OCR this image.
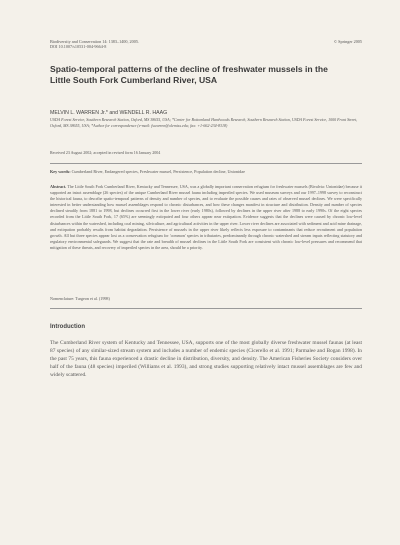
Biodiversity and Conservation 14: 1383–1400, 2005.
DOI 10.1007/s10531-004-9664-8
© Springer 2005
Spatio-temporal patterns of the decline of freshwater mussels in the Little South Fork Cumberland River, USA
MELVIN L. WARREN Jr.* and WENDELL R. HAAG
USDA Forest Service, Southern Research Station, Oxford, MS 38655, USA; *Center for Bottomland Hardwoods Research, Southern Research Station, USDA Forest Service, 1000 Front Street, Oxford, MS 38655, USA; *Author for correspondence (e-mail: fswarren@olemiss.edu; fax: +1-662-234-8318)
Received 23 August 2002; accepted in revised form 16 January 2004
Key words: Cumberland River, Endangered species, Freshwater mussel, Persistence, Population decline, Unionidae
Abstract. The Little South Fork Cumberland River, Kentucky and Tennessee, USA, was a globally important conservation refugium for freshwater mussels (Bivalvia: Unionidae) because it supported an intact assemblage (26 species) of the unique Cumberland River mussel fauna including imperiled species. We used museum surveys and our 1997–1998 survey to reconstruct the historical fauna, to describe spatio-temporal patterns of density and number of species, and to evaluate the possible causes and rates of observed mussel declines. We were specifically interested in better understanding how mussel assemblages respond to chronic disturbances, and how these changes manifest in structure and distribution. Density and number of species declined steadily from 1881 to 1998, but declines occurred first in the lower river (early 1980s), followed by declines in the upper river after 1988 to early 1990s. Of the eight species recorded from the Little South Fork, 17 (65%) are seemingly extirpated and four others appear near extirpation. Evidence suggests that the declines were caused by chronic low-level disturbances within the watershed, including coal mining, silviculture, and agricultural activities in the upper river. Lower river declines are associated with sediment and acid mine drainage, and extirpation probably results from habitat degradation. Persistence of mussels in the upper river likely reflects less exposure to contaminants that reduce recruitment and population growth. All but three species appear lost as a conservation refugium for 'common' species in tributaries, predominantly through chronic watershed and stream inputs reflecting statutory and regulatory environmental safeguards. We suggest that the rate and breadth of mussel declines in the Little South Fork are consistent with chronic low-level pressures and recommend that mitigation of these threats, and recovery of imperiled species in the area, should be a priority.
Nomenclature: Turgeon et al. (1998)
Introduction
The Cumberland River system of Kentucky and Tennessee, USA, supports one of the most globally diverse freshwater mussel faunas (at least 87 species) of any similar-sized stream system and includes a number of endemic species (Cicerello et al. 1991; Parmalee and Bogan 1998). In the past 75 years, this fauna experienced a drastic decline in distribution, diversity, and density. The American Fisheries Society considers over half of the fauna (48 species) imperiled (Williams et al. 1993), and strong studies supporting relatively intact mussel assemblages are few and widely scattered.
